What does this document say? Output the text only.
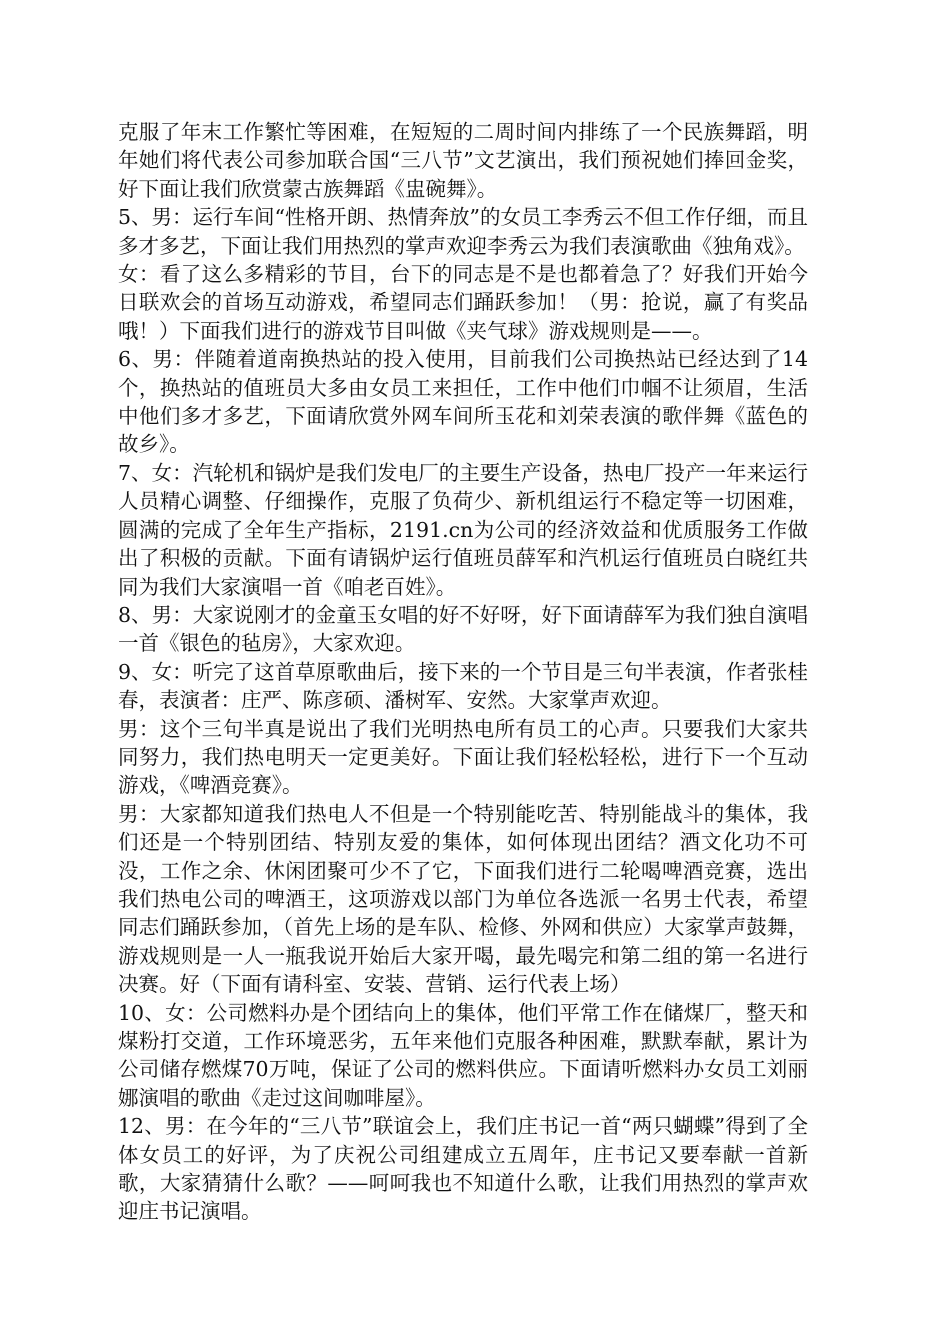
克服了年末工作繁忙等困难，在短短的二周时间内排练了一个民族舞蹈，明年她们将代表公司参加联合国“三八节”文艺演出，我们预祝她们捧回金奖，好下面让我们欣赏蒙古族舞蹈《盅碗舞》。

5、男：运行车间“性格开朗、热情奔放”的女员工李秀云不但工作仔细，而且多才多艺，下面让我们用热烈的掌声欢迎李秀云为我们表演歌曲《独角戏》。

女：看了这么多精彩的节目，台下的同志是不是也都着急了？好我们开始今日联欢会的首场互动游戏，希望同志们踊跃参加！（男：抢说，赢了有奖品哦！）下面我们进行的游戏节目叫做《夹气球》游戏规则是——。

6、男：伴随着道南换热站的投入使用，目前我们公司换热站已经达到了14个，换热站的值班员大多由女员工来担任，工作中他们巾帼不让须眉，生活中他们多才多艺，下面请欣赏外网车间所玉花和刘荣表演的歌伴舞《蓝色的故乡》。

7、女：汽轮机和锅炉是我们发电厂的主要生产设备，热电厂投产一年来运行人员精心调整、仔细操作，克服了负荷少、新机组运行不稳定等一切困难，圆满的完成了全年生产指标，2191.cn为公司的经济效益和优质服务工作做出了积极的贡献。下面有请锅炉运行值班员薛军和汽机运行值班员白晓红共同为我们大家演唱一首《咱老百姓》。

8、男：大家说刚才的金童玉女唱的好不好呀，好下面请薛军为我们独自演唱一首《银色的毡房》，大家欢迎。

9、女：听完了这首草原歌曲后，接下来的一个节目是三句半表演，作者张桂春，表演者：庄严、陈彦硕、潘树军、安然。大家掌声欢迎。

男：这个三句半真是说出了我们光明热电所有员工的心声。只要我们大家共同努力，我们热电明天一定更美好。下面让我们轻松轻松，进行下一个互动游戏，《啤酒竞赛》。

男：大家都知道我们热电人不但是一个特别能吃苦、特别能战斗的集体，我们还是一个特别团结、特别友爱的集体，如何体现出团结？酒文化功不可没，工作之余、休闲团聚可少不了它，下面我们进行二轮喝啤酒竞赛，选出我们热电公司的啤酒王，这项游戏以部门为单位各选派一名男士代表，希望同志们踊跃参加，（首先上场的是车队、检修、外网和供应）大家掌声鼓舞，游戏规则是一人一瓶我说开始后大家开喝，最先喝完和第二组的第一名进行决赛。好（下面有请科室、安装、营销、运行代表上场）

10、女：公司燃料办是个团结向上的集体，他们平常工作在储煤厂，整天和煤粉打交道，工作环境恶劣，五年来他们克服各种困难，默默奉献，累计为公司储存燃煤70万吨，保证了公司的燃料供应。下面请听燃料办女员工刘丽娜演唱的歌曲《走过这间咖啡屋》。

12、男：在今年的“三八节”联谊会上，我们庄书记一首“两只蝴蝶”得到了全体女员工的好评，为了庆祝公司组建成立五周年，庄书记又要奉献一首新歌，大家猜猜什么歌？——呵呵我也不知道什么歌，让我们用热烈的掌声欢迎庄书记演唱。
